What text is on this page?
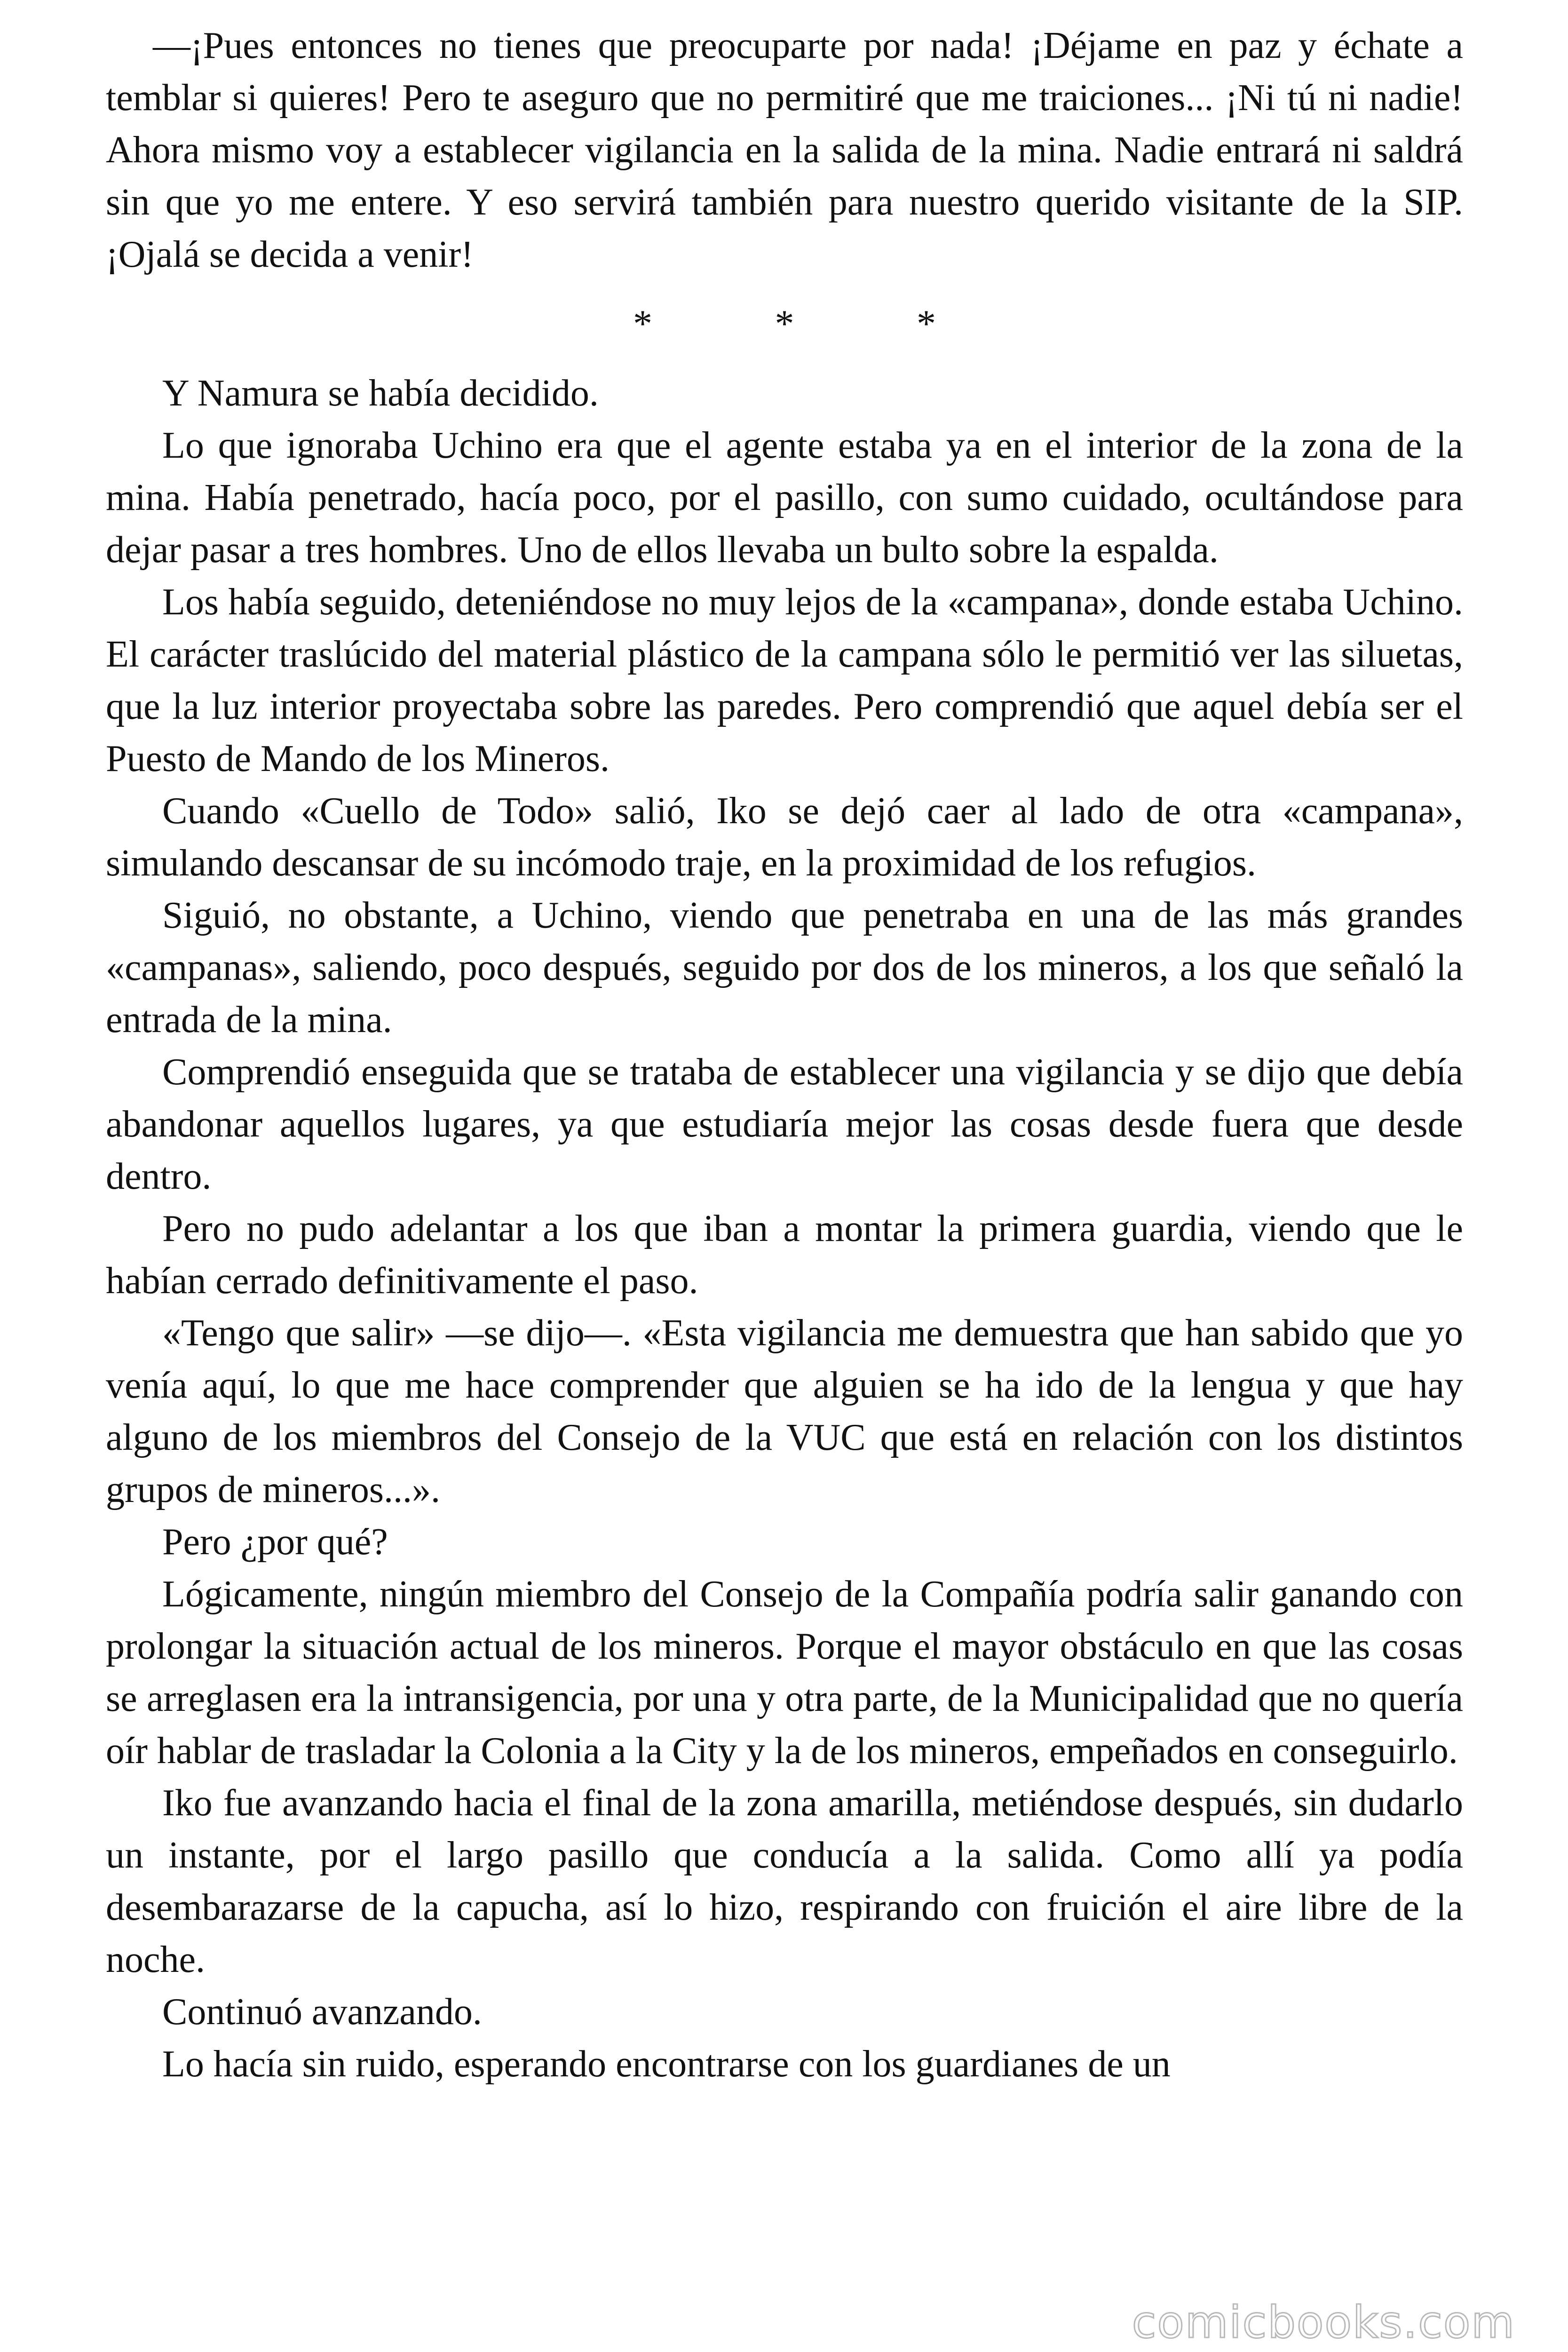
—¡Pues entonces no tienes que preocuparte por nada! ¡Déjame en paz y échate a temblar si quieres! Pero te aseguro que no permitiré que me traiciones... ¡Ni tú ni nadie! Ahora mismo voy a establecer vigilancia en la salida de la mina. Nadie entrará ni saldrá sin que yo me entere. Y eso servirá también para nuestro querido visitante de la SIP. ¡Ojalá se decida a venir!

* * *

Y Namura se había decidido.

Lo que ignoraba Uchino era que el agente estaba ya en el interior de la zona de la mina. Había penetrado, hacía poco, por el pasillo, con sumo cuidado, ocultándose para dejar pasar a tres hombres. Uno de ellos llevaba un bulto sobre la espalda.

Los había seguido, deteniéndose no muy lejos de la «campana», donde estaba Uchino. El carácter traslúcido del material plástico de la campana sólo le permitió ver las siluetas, que la luz interior proyectaba sobre las paredes. Pero comprendió que aquel debía ser el Puesto de Mando de los Mineros.

Cuando «Cuello de Todo» salió, Iko se dejó caer al lado de otra «campana», simulando descansar de su incómodo traje, en la proximidad de los refugios.

Siguió, no obstante, a Uchino, viendo que penetraba en una de las más grandes «campanas», saliendo, poco después, seguido por dos de los mineros, a los que señaló la entrada de la mina.

Comprendió enseguida que se trataba de establecer una vigilancia y se dijo que debía abandonar aquellos lugares, ya que estudiaría mejor las cosas desde fuera que desde dentro.

Pero no pudo adelantar a los que iban a montar la primera guardia, viendo que le habían cerrado definitivamente el paso.

«Tengo que salir» —se dijo—. «Esta vigilancia me demuestra que han sabido que yo venía aquí, lo que me hace comprender que alguien se ha ido de la lengua y que hay alguno de los miembros del Consejo de la VUC que está en relación con los distintos grupos de mineros...».

Pero ¿por qué?

Lógicamente, ningún miembro del Consejo de la Compañía podría salir ganando con prolongar la situación actual de los mineros. Porque el mayor obstáculo en que las cosas se arreglasen era la intransigencia, por una y otra parte, de la Municipalidad que no quería oír hablar de trasladar la Colonia a la City y la de los mineros, empeñados en conseguirlo.

Iko fue avanzando hacia el final de la zona amarilla, metiéndose después, sin dudarlo un instante, por el largo pasillo que conducía a la salida. Como allí ya podía desembarazarse de la capucha, así lo hizo, respirando con fruición el aire libre de la noche.

Continuó avanzando.

Lo hacía sin ruido, esperando encontrarse con los guardianes de un

comicbooks.com
